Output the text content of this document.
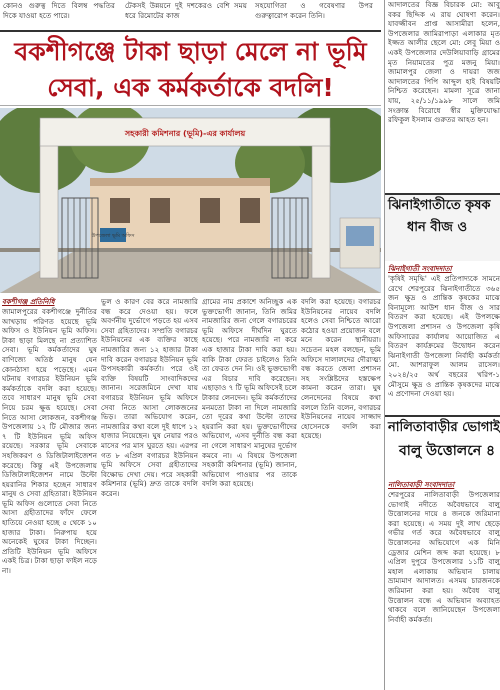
কোনও গুরুত্ব দিতে বিলম্ব পদ্ধতির দিকে যাওয়া হতে পারে।
টেকসই উন্নয়নে দুই দশকেরও বেশি সময় ধরে রিমোটের কাজ
সহযোগিতা ও গবেষণার উপর গুরুত্বারোপ করেন তিনি।
বকশীগঞ্জে টাকা ছাড়া মেলে না ভূমি
সেবা, এক কর্মকর্তাকে বদলি!
সহকারী কমিশনার (ভূমি)-এর কার্যালয়
উপজেলা ভূমি অফিস
বকশীগঞ্জ প্রতিনিধি
জামালপুরের বকশীগঞ্জে দুর্নীতির আখড়ায় পরিণত হয়েছে ভূমি অফিস ও ইউনিয়ন ভূমি অফিস। টাকা ছাড়া মিলছে না প্রত্যাশিত সেবা। ভূমি কর্মকর্তাদের ঘুষ বাণিজ্যে অতিষ্ঠ মানুষ যেন কোনঠাসা হয়ে পড়েছে। এমন ঘটনায় বগারচর ইউনিয়ন ভূমি কর্মকর্তাকে বদলি করা হয়েছে। তবে সাধারণ মানুষ ভূমি সেবা নিয়ে চরম ক্ষুব্ধ হয়েছে। সেবা নিতে আসা লোকজন, বকশীগঞ্জ উপজেলায় ১২ টি মৌজার জন্য ৭ টি ইউনিয়ন ভূমি অফিস রয়েছে। সরকার ভূমি সেবাকে সহজিকরণ ও ডিজিটালাইজেশন করেছে। কিন্তু এই উপজেলায় ডিজিটালাইজেশন নামে উল্টো হয়রানির শিকার হচ্ছেন সাধারণ মানুষ ও সেবা গ্রহিতারা। ইউনিয়ন ভূমি অফিস গুলোতে সেবা নিতে আসা গ্রহীতাদের ফাঁদে ফেলে হাতিয়ে নেওয়া হচ্ছে ৫ থেকে ১০ হাজার টাকা। নিরুপায় হয়ে অনেকেই ঘুষের টাকা দিচ্ছেন। প্রতিটি ইউনিয়ন ভূমি অফিসে একই চিত্র। টাকা ছাড়া ফাইল নড়ে না।
ভুল ও কারণ বের করে নামজারি বন্ধ করে দেওয়া হয়। ফলে অবর্ণনীয় দুর্ভোগে পড়তে হয় এসব সেবা গ্রহিতাদের। সম্প্রতি বগারচর ইউনিয়নের এক ব্যক্তির কাছে নামজারির জন্য ১২ হাজার টাকা দাবি করেন বগারচর ইউনিয়ন ভূমি উপসহকারী কর্মকর্তা। পরে ওই ব্যক্তি বিষয়টি সাংবাদিকদের জানান। সরেজমিনে দেখা যায় বগারচর ইউনিয়ন ভূমি অফিসে সেবা নিতে আসা লোকজনের ভিড়। তারা অভিযোগ করেন, নামজারির কথা বলে দুই ধাপে ১২ হাজার নিয়েছেন। ঘুষ নেয়ার পরও মাসের পর মাস ঘুরতে হয়। এরপর গত ৮ এপ্রিল বগারচর ইউনিয়ন ভূমি অফিসে সেবা গ্রহীতাদের বিক্ষোভ দেখা দেয়। পরে সহকারী কমিশনার (ভূমি) দ্রুত তাকে বদলি করেন।
গ্রামের নাম প্রকাশে অনিচ্ছুক এক ভুক্তভোগী জানান, তিনি জমির নামজারির জন্য গেলে বগারচরের ভূমি অফিসে দীর্ঘদিন ঘুরতে হয়েছে। পরে নামজারি না করে এক হাজার টাকা দাবি করা হয়। বাকি টাকা ফেরত চাইলেও তিনি তা ফেরত দেন নি। ওই ভুক্তভোগী এর বিচার দাবি করেছেন। এছাড়াও ৭ টি ভূমি অফিসেই চলে টাকার লেনদেন। ভূমি কর্মকর্তাদের মনমতো টাকা না দিলে নামজারি তো দূরের কথা উল্টো তাদের হয়রানি করা হয়। ভুক্তভোগীদের অভিযোগ, এসব দুর্নীতি বন্ধ করা না গেলে সাধারণ মানুষের দুর্ভোগ কমবে না। এ বিষয়ে উপজেলা সহকারী কমিশনার (ভূমি) জানান, অভিযোগ পাওয়ার পর তাকে বদলি করা হয়েছে।
বদলি করা হয়েছে। বগারচর ইউনিয়নের নায়েব বদলি হলেও সেবা নিশ্চিতে আরো কঠোর হওয়া প্রয়োজন বলে মনে করেন স্থানীয়রা। সচেতন মহল বলছেন, ভূমি অফিসে দালালদের দৌরাত্ম্য বন্ধ করতে জেলা প্রশাসন সহ সংশ্লিষ্টদের হস্তক্ষেপ কামনা করেন তারা। ঘুষ লেনদেনের বিষয়ে কথা বললে তিনি বলেন, বগারচর ইউনিয়নের নায়েব সাজ্জাদ হোসেনকে বদলি করা হয়েছে।
আদালতের বিজ্ঞ বিচারক মো: আবু বকর ছিদ্দিক এ রায় ঘোষণা করেন। যাবজ্জীবন প্রাপ্ত আসামীরা হলেন, উপজেলার জামিরাপাড়া এলাকার মৃত ইজ্জত আলীর ছেলে মো: লেবু মিয়া ও একই উপজেলার দেউলিয়াবাড়ি গ্রামের মৃত নিয়ামতের পুত্র মজনু মিয়া। জামালপুর জেলা ও দায়রা জজ আদালতের পিপি আব্দুল হাই বিষয়টি নিশ্চিত করেছেন। মামলা সূত্রে জানা যায়, ২৫/১১/১৯৯৮ সালে জমি সংক্রান্ত বিরোধে স্বীর মুক্তিযোদ্ধা রফিকুল ইসলাম গুরুতর আহত হন।
ঝিনাইগাতীতে কৃষক
ধান বীজ ও
ঝিনাইগাতী সংবাদদাতা
'কৃষিই সমৃদ্ধি' এই প্রতিপাদ্যকে সামনে রেখে শেরপুরের ঝিনাইগাতীতে ৩৬৫ জন ক্ষুদ্র ও প্রান্তিক কৃষকের মাঝে বিনামূল্যে আউশ ধান বীজ ও সার বিতরণ করা হয়েছে। এই উপলক্ষে উপজেলা প্রশাসন ও উপজেলা কৃষি অফিসারের কার্যালয় আয়োজিত এ বিতরণ কার্যক্রমের উদ্বোধন করেন ঝিনাইগাতী উপজেলা নির্বাহী কর্মকর্তা মো. আশরাফুল আলম রাসেল। ২০২৪/২৫ অর্থ বছরের খরিপ-১ মৌসুমে ক্ষুদ্র ও প্রান্তিক কৃষকদের মাঝে এ প্রণোদনা দেওয়া হয়।
নালিতাবাড়ীর ভোগাই
বালু উত্তোলনে ৪
নালিতাবাড়ী সংবাদদাতা
শেরপুরের নালিতাবাড়ী উপজেলার ভোগাই নদীতে অবৈধভাবে বালু উত্তোলনের দায়ে ৪ জনকে জরিমানা করা হয়েছে। এ সময় দুই লাখ ছেড়ে গভীর গর্ত করে অবৈধভাবে বালু উত্তোলনের অভিযোগে এক মিনি ড্রেজার মেশিন জব্দ করা হয়েছে। ৮ এপ্রিল দুপুরে উপজেলার ১১টি বালু মহাল এলাকায় অভিযান চালায় ভ্রাম্যমাণ আদালত। এসময় চারজনকে জরিমানা করা হয়। অবৈধ বালু উত্তোলন বন্ধে এ অভিযান অব্যাহত থাকবে বলে জানিয়েছেন উপজেলা নির্বাহী কর্মকর্তা।
